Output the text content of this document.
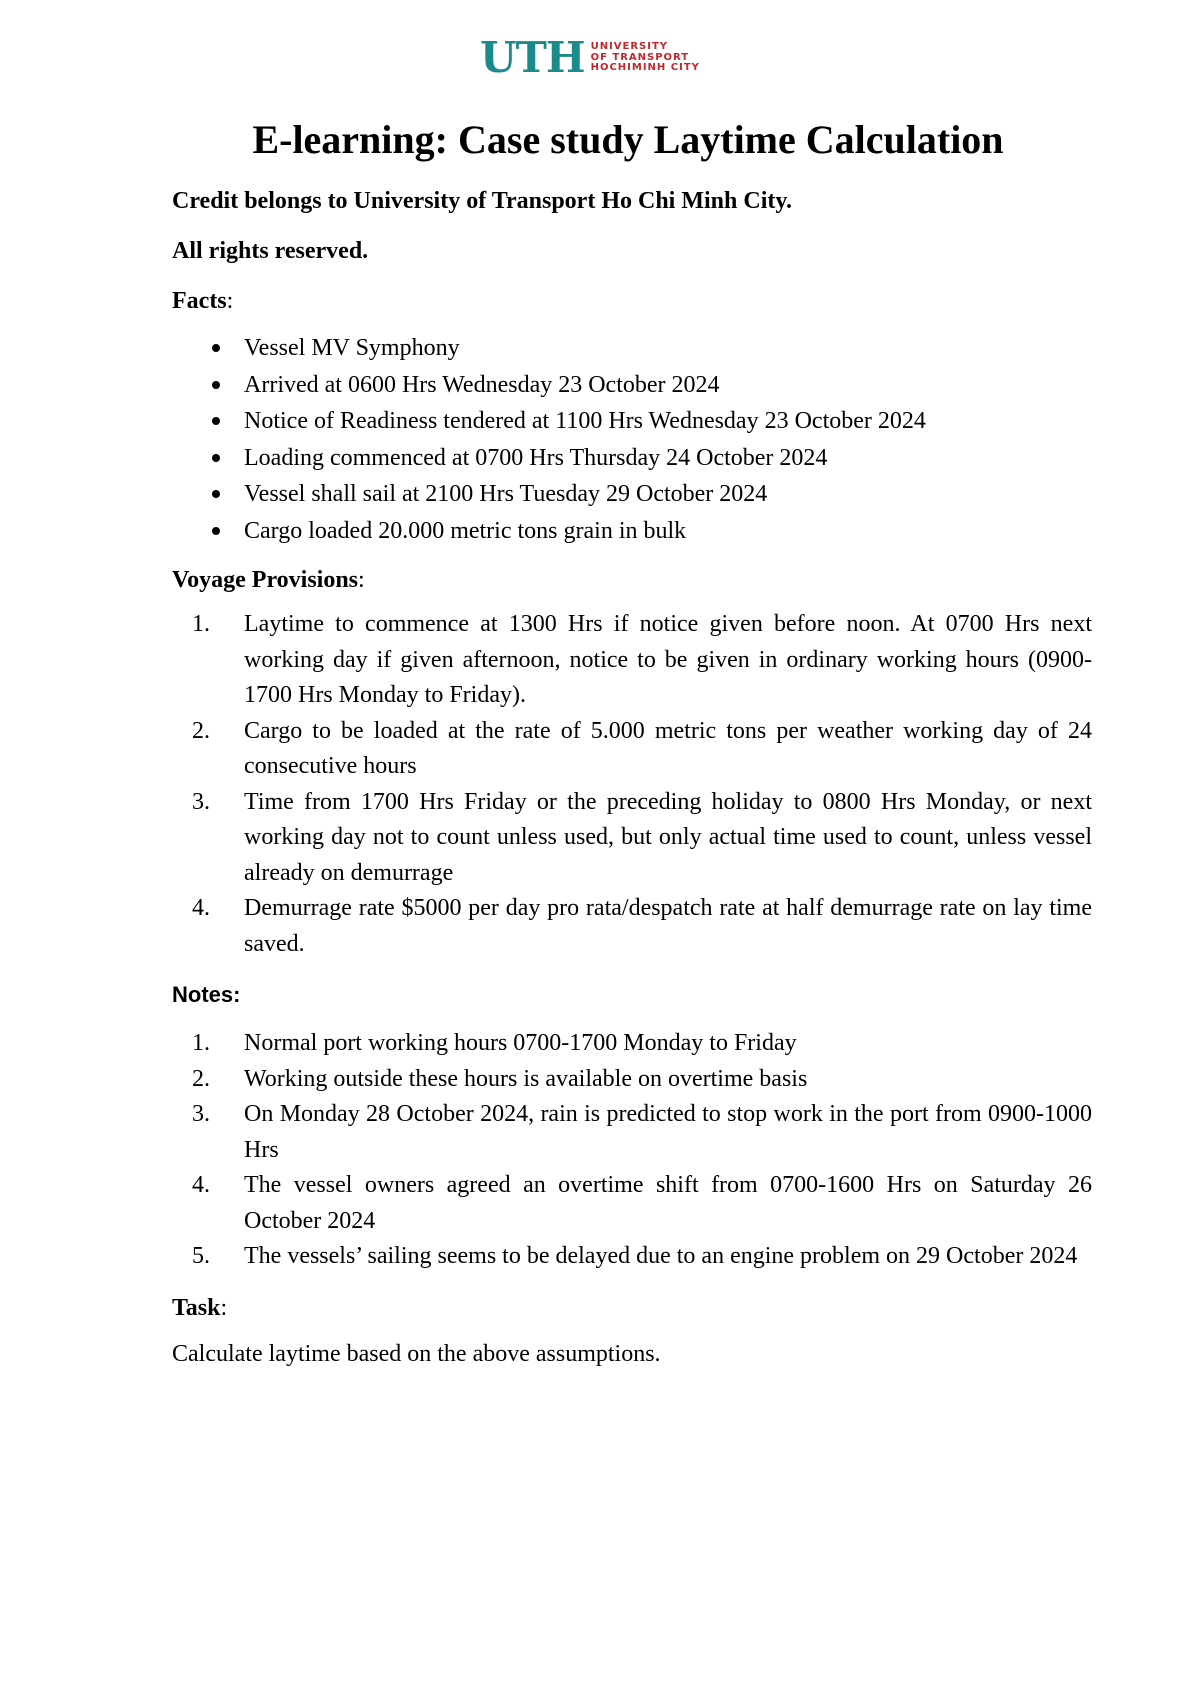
UTH UNIVERSITY
OF TRANSPORT
HOCHIMINH CITY
E-learning: Case study Laytime Calculation

Credit belongs to University of Transport Ho Chi Minh City.

All rights reserved.

Facts:

Vessel MV Symphony
Arrived at 0600 Hrs Wednesday 23 October 2024
Notice of Readiness tendered at 1100 Hrs Wednesday 23 October 2024
Loading commenced at 0700 Hrs Thursday 24 October 2024
Vessel shall sail at 2100 Hrs Tuesday 29 October 2024
Cargo loaded 20.000 metric tons grain in bulk

Voyage Provisions:

1. Laytime to commence at 1300 Hrs if notice given before noon. At 0700 Hrs next working day if given afternoon, notice to be given in ordinary working hours (0900-1700 Hrs Monday to Friday).
2. Cargo to be loaded at the rate of 5.000 metric tons per weather working day of 24 consecutive hours
3. Time from 1700 Hrs Friday or the preceding holiday to 0800 Hrs Monday, or next working day not to count unless used, but only actual time used to count, unless vessel already on demurrage
4. Demurrage rate $5000 per day pro rata/despatch rate at half demurrage rate on lay time saved.

Notes:

1. Normal port working hours 0700-1700 Monday to Friday
2. Working outside these hours is available on overtime basis
3. On Monday 28 October 2024, rain is predicted to stop work in the port from 0900-1000 Hrs
4. The vessel owners agreed an overtime shift from 0700-1600 Hrs on Saturday 26 October 2024
5. The vessels’ sailing seems to be delayed due to an engine problem on 29 October 2024

Task:

Calculate laytime based on the above assumptions.
